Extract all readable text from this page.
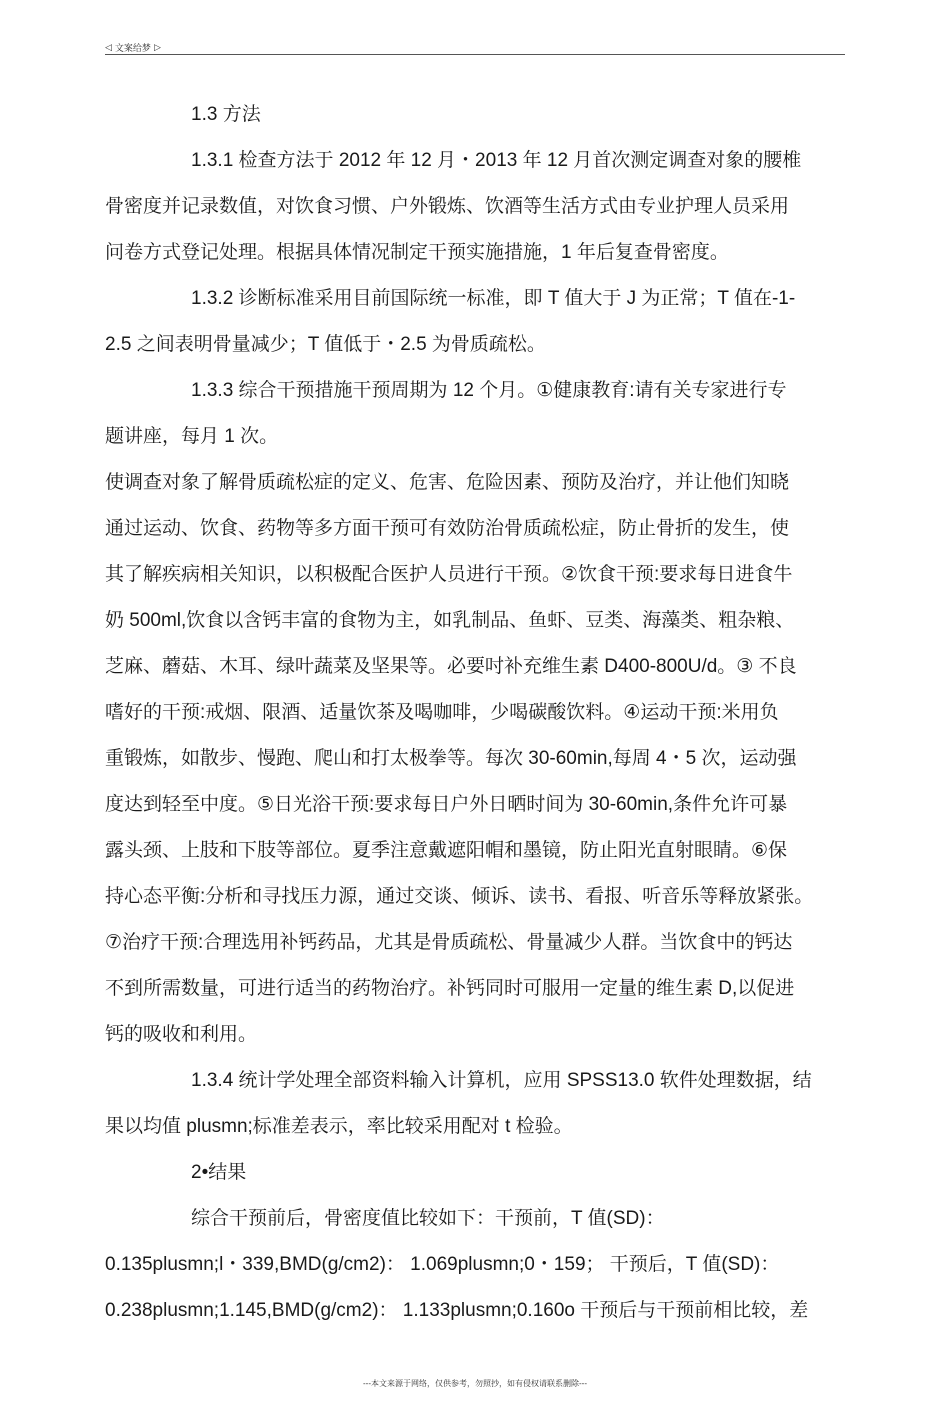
◁ 文案给梦 ▷

1.3 方法

1.3.1 检查方法于 2012 年 12 月・2013 年 12 月首次测定调查对象的腰椎

骨密度并记录数值，对饮食习惯、户外锻炼、饮酒等生活方式由专业护理人员采用

问卷方式登记处理。根据具体情况制定干预实施措施，1 年后复查骨密度。

1.3.2 诊断标准采用目前国际统一标准，即 T 值大于 J 为正常；T 值在-1-

2.5 之间表明骨量减少；T 值低于・2.5 为骨质疏松。

1.3.3 综合干预措施干预周期为 12 个月。①健康教育:请有关专家进行专

题讲座，每月 1 次。

使调查对象了解骨质疏松症的定义、危害、危险因素、预防及治疗，并让他们知晓

通过运动、饮食、药物等多方面干预可有效防治骨质疏松症，防止骨折的发生，使

其了解疾病相关知识，以积极配合医护人员进行干预。②饮食干预:要求每日进食牛

奶 500ml,饮食以含钙丰富的食物为主，如乳制品、鱼虾、豆类、海藻类、粗杂粮、

芝麻、蘑菇、木耳、绿叶蔬菜及坚果等。必要吋补充维生素 D400-800U/d。③ 不良

嗜好的干预:戒烟、限酒、适量饮茶及喝咖啡，少喝碳酸饮料。④运动干预:米用负

重锻炼，如散步、慢跑、爬山和打太极拳等。每次 30-60min,每周 4・5 次，运动强

度达到轻至中度。⑤日光浴干预:要求每日户外日晒时间为 30-60min,条件允许可暴

露头颈、上肢和下肢等部位。夏季注意戴遮阳帽和墨镜，防止阳光直射眼睛。⑥保

持心态平衡:分析和寻找压力源，通过交谈、倾诉、读书、看报、听音乐等释放紧张。

⑦治疗干预:合理选用补钙药品，尤其是骨质疏松、骨量减少人群。当饮食中的钙达

不到所需数量，可进行适当的药物治疗。补钙同时可服用一定量的维生素 D,以促进

钙的吸收和利用。

1.3.4 统计学处理全部资料输入计算机，应用 SPSS13.0 软件处理数据，结

果以均值 plusmn;标准差表示，率比较采用配对 t 检验。

2•结果

综合干预前后，骨密度值比较如下：干预前，T 值(SD)：

0.135plusmn;l・339,BMD(g/cm2)： 1.069plusmn;0・159； 干预后，T 值(SD)：

0.238plusmn;1.145,BMD(g/cm2)： 1.133plusmn;0.160o 干预后与干预前相比较，差

---本文来源于网络，仅供参考，勿照抄，如有侵权请联系删除---
